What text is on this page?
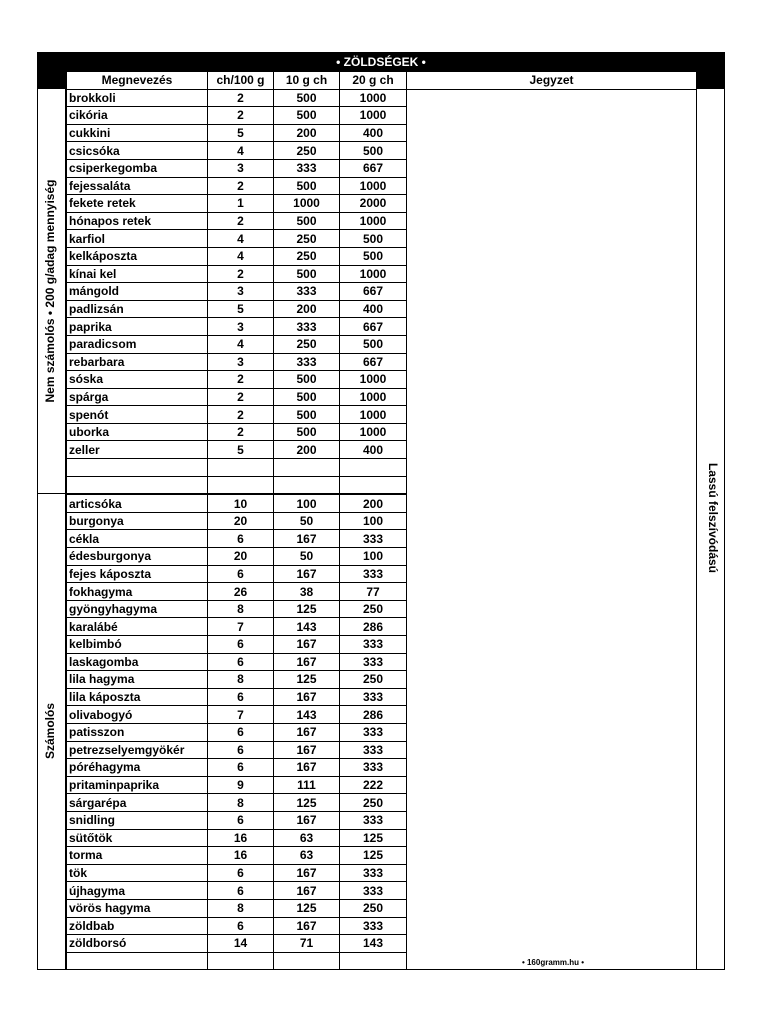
• ZÖLDSÉGEK •
Nem számolós • 200 g/adag mennyiség
Számolós
Lassú felszívódású
Megnevezés	ch/100 g	10 g ch	20 g ch	Jegyzet
brokkoli	2	500	1000	
cikória	2	500	1000	
cukkini	5	200	400	
csicsóka	4	250	500	
csiperkegomba	3	333	667	
fejessaláta	2	500	1000	
fekete retek	1	1000	2000	
hónapos retek	2	500	1000	
karfiol	4	250	500	
kelkáposzta	4	250	500	
kínai kel	2	500	1000	
mángold	3	333	667	
padlizsán	5	200	400	
paprika	3	333	667	
paradicsom	4	250	500	
rebarbara	3	333	667	
sóska	2	500	1000	
spárga	2	500	1000	
spenót	2	500	1000	
uborka	2	500	1000	
zeller	5	200	400	

articsóka	10	100	200	
burgonya	20	50	100	
cékla	6	167	333	
édesburgonya	20	50	100	
fejes káposzta	6	167	333	
fokhagyma	26	38	77	
gyöngyhagyma	8	125	250	
karalábé	7	143	286	
kelbimbó	6	167	333	
laskagomba	6	167	333	
lila hagyma	8	125	250	
lila káposzta	6	167	333	
olivabogyó	7	143	286	
patisszon	6	167	333	
petrezselyemgyökér	6	167	333	
póréhagyma	6	167	333	
pritaminpaprika	9	111	222	
sárgarépa	8	125	250	
snidling	6	167	333	
sütőtök	16	63	125	
torma	16	63	125	
tök	6	167	333	
újhagyma	6	167	333	
vörös hagyma	8	125	250	
zöldbab	6	167	333	
zöldborsó	14	71	143	

• 160gramm.hu •
